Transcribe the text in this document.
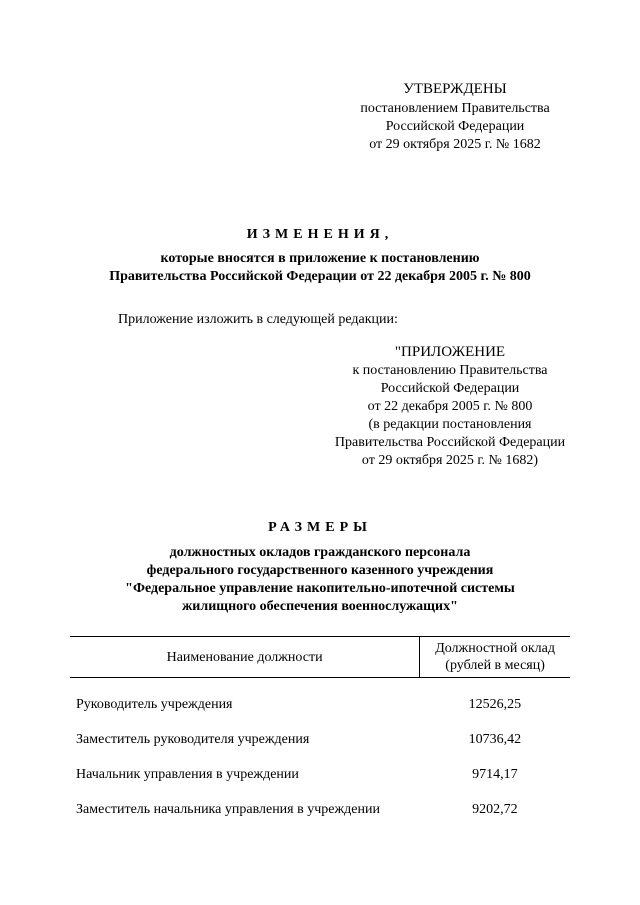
УТВЕРЖДЕНЫ
постановлением Правительства
Российской Федерации
от 29 октября 2025 г. № 1682
ИЗМЕНЕНИЯ,
которые вносятся в приложение к постановлению
Правительства Российской Федерации от 22 декабря 2005 г. № 800
Приложение изложить в следующей редакции:
"ПРИЛОЖЕНИЕ
к постановлению Правительства
Российской Федерации
от 22 декабря 2005 г. № 800
(в редакции постановления
Правительства Российской Федерации
от 29 октября 2025 г. № 1682)
РАЗМЕРЫ
должностных окладов гражданского персонала
федерального государственного казенного учреждения
"Федеральное управление накопительно-ипотечной системы
жилищного обеспечения военнослужащих"
Наименование должности	Должностной оклад
(рублей в месяц)

Руководитель учреждения	12526,25
Заместитель руководителя учреждения	10736,42
Начальник управления в учреждении	9714,17
Заместитель начальника управления в учреждении	9202,72
